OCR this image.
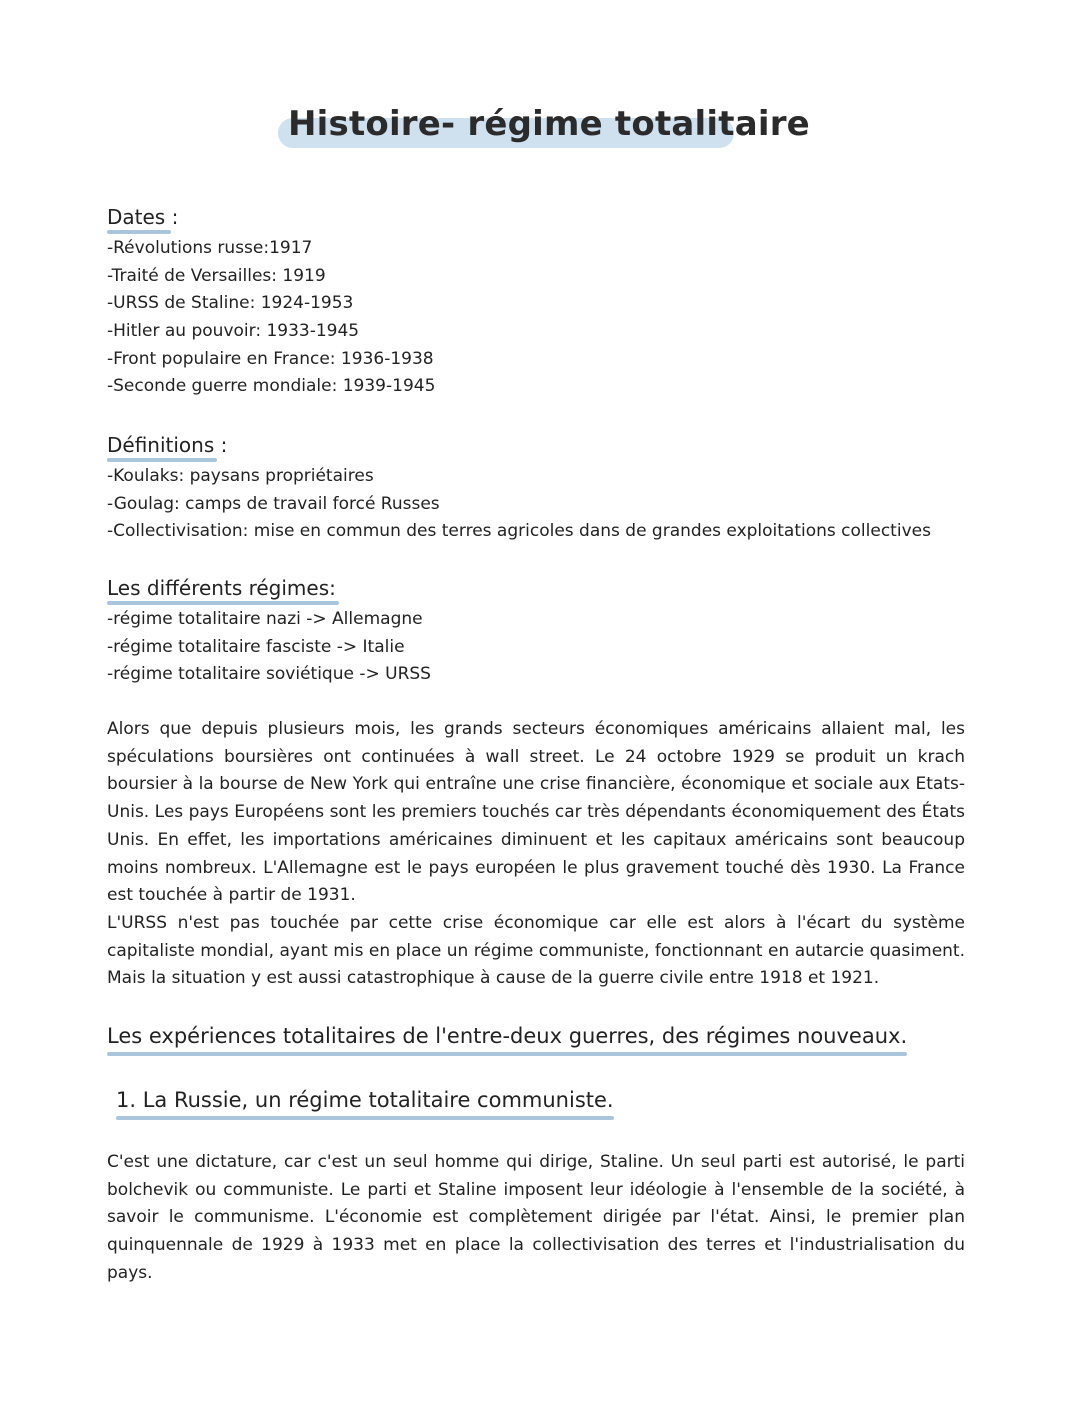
Histoire- régime totalitaire
Dates :
-Révolutions russe:1917
-Traité de Versailles: 1919
-URSS de Staline: 1924-1953
-Hitler au pouvoir: 1933-1945
-Front populaire en France: 1936-1938
-Seconde guerre mondiale: 1939-1945
Définitions :
-Koulaks: paysans propriétaires
-Goulag: camps de travail forcé Russes
-Collectivisation: mise en commun des terres agricoles dans de grandes exploitations collectives
Les différents régimes:
-régime totalitaire nazi -> Allemagne
-régime totalitaire fasciste -> Italie
-régime totalitaire soviétique -> URSS

Alors que depuis plusieurs mois, les grands secteurs économiques américains allaient mal, les spéculations boursières ont continuées à wall street. Le 24 octobre 1929 se produit un krach boursier à la bourse de New York qui entraîne une crise financière, économique et sociale aux Etats-Unis. Les pays Européens sont les premiers touchés car très dépendants économiquement des États Unis. En effet, les importations américaines diminuent et les capitaux américains sont beaucoup moins nombreux. L'Allemagne est le pays européen le plus gravement touché dès 1930. La France est touchée à partir de 1931.

L'URSS n'est pas touchée par cette crise économique car elle est alors à l'écart du système capitaliste mondial, ayant mis en place un régime communiste, fonctionnant en autarcie quasiment. Mais la situation y est aussi catastrophique à cause de la guerre civile entre 1918 et 1921.

Les expériences totalitaires de l'entre-deux guerres, des régimes nouveaux.
1. La Russie, un régime totalitaire communiste.

C'est une dictature, car c'est un seul homme qui dirige, Staline. Un seul parti est autorisé, le parti bolchevik ou communiste. Le parti et Staline imposent leur idéologie à l'ensemble de la société, à savoir le communisme. L'économie est complètement dirigée par l'état. Ainsi, le premier plan quinquennale de 1929 à 1933 met en place la collectivisation des terres et l'industrialisation du pays.
